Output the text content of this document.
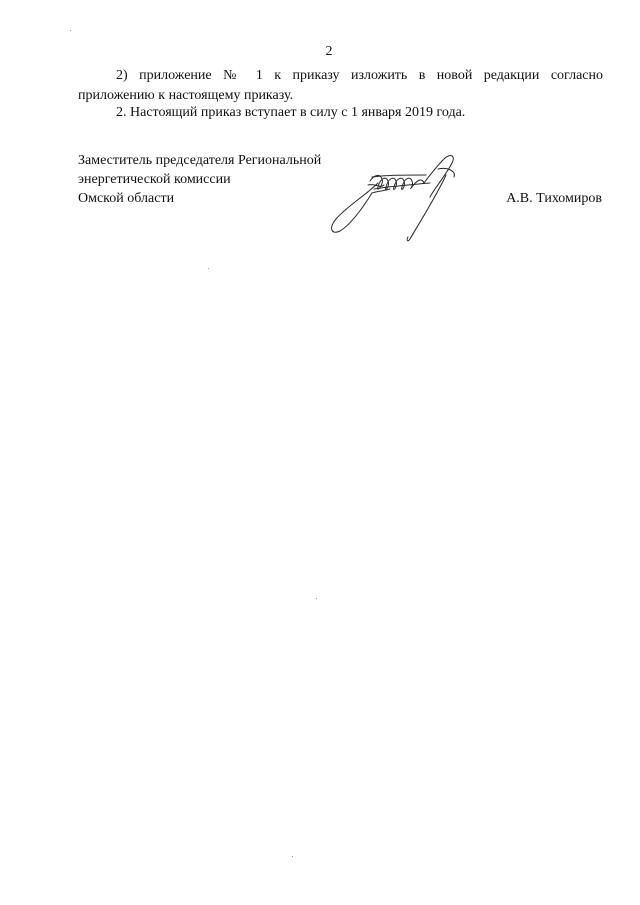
2
2) приложение № 1 к приказу изложить в новой редакции согласно
приложению к настоящему приказу.
2. Настоящий приказ вступает в силу с 1 января 2019 года.
Заместитель председателя Региональной
энергетической комиссии
Омской области	А.В. Тихомиров
